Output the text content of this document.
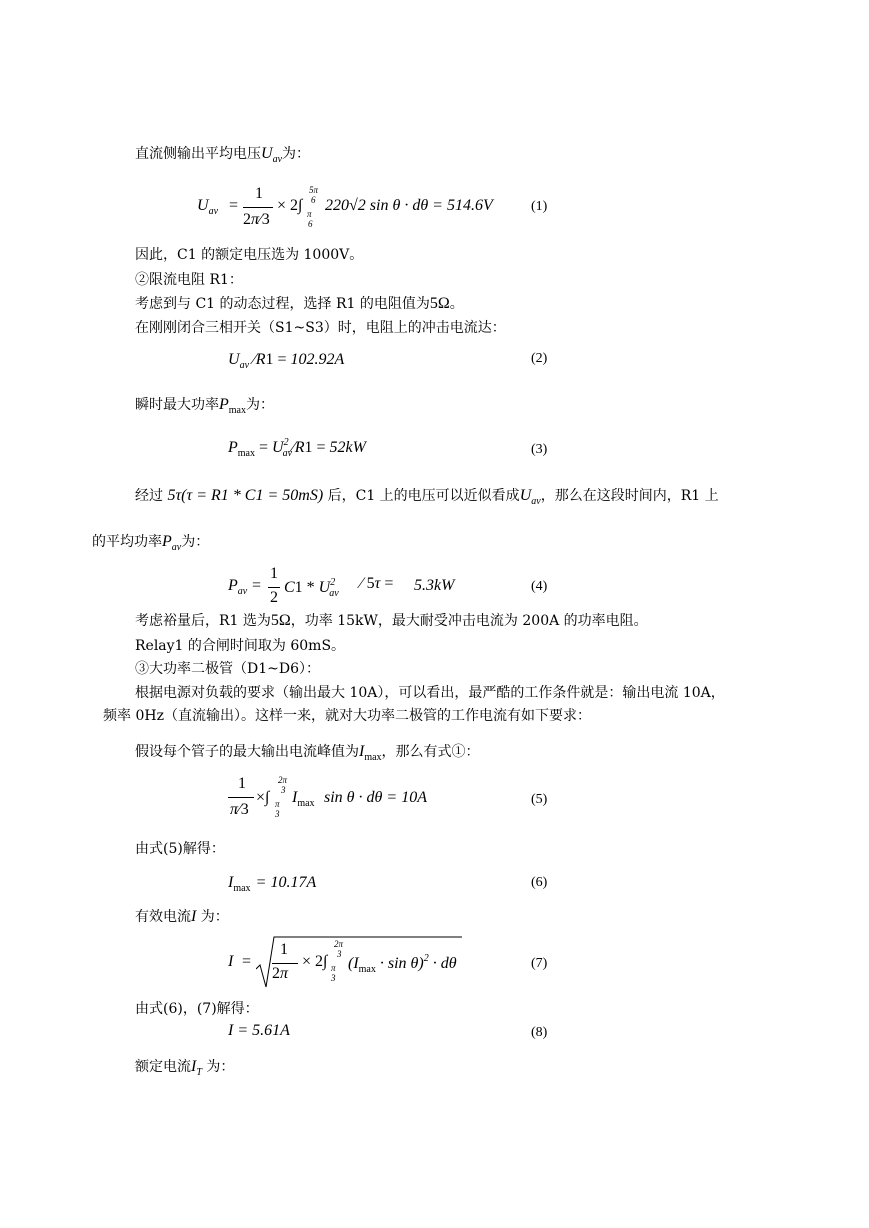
直流侧输出平均电压$U_{av}$为：
$U_{av}$ =
1
2π∕3
× 2∫
5π
6
π
6
220√2 sin θ · dθ = 514.6V	(1)
因此，C1 的额定电压选为 1000V。
②限流电阻 R1：
考虑到与 C1 的动态过程，选择 R1 的电阻值为5Ω。
在刚刚闭合三相开关（S1~S3）时，电阻上的冲击电流达：
$U_{av}$ ∕R1 = 102.92A	(2)
瞬时最大功率$P_{max}$为：
$P_{max}$ = $U^2_{av}∕R1 = 52kW$	(3)
经过 5τ(τ = R1 * C1 = 50mS) 后，C1 上的电压可以近似看成$U_{av}$，那么在这段时间内，R1 上
的平均功率$P_{av}$为：
$P_{av}$ =
1
2
$C1 * U^2_{av}$
∕ 5τ = 5.3kW	(4)
考虑裕量后，R1 选为5Ω，功率 15kW，最大耐受冲击电流为 200A 的功率电阻。
Relay1 的合闸时间取为 60mS。
③大功率二极管（D1~D6）：
根据电源对负载的要求（输出最大 10A），可以看出，最严酷的工作条件就是：输出电流 10A，
频率 0Hz（直流输出）。这样一来，就对大功率二极管的工作电流有如下要求：
假设每个管子的最大输出电流峰值为$I_{max}$，那么有式①：
1
π∕3
×∫
2π
3
π
3
$I_{max}$ sin θ · dθ = 10A	(5)
由式(5)解得：
$I_{max} = 10.17A$	(6)
有效电流I 为：
I =
1
2π
× 2∫
2π
3
π
3
$(I_{max} \cdot \sin \theta)^2 \cdot d\theta$	(7)
由式(6)，(7)解得：
I = 5.61A	(8)
额定电流$I_T$ 为：
